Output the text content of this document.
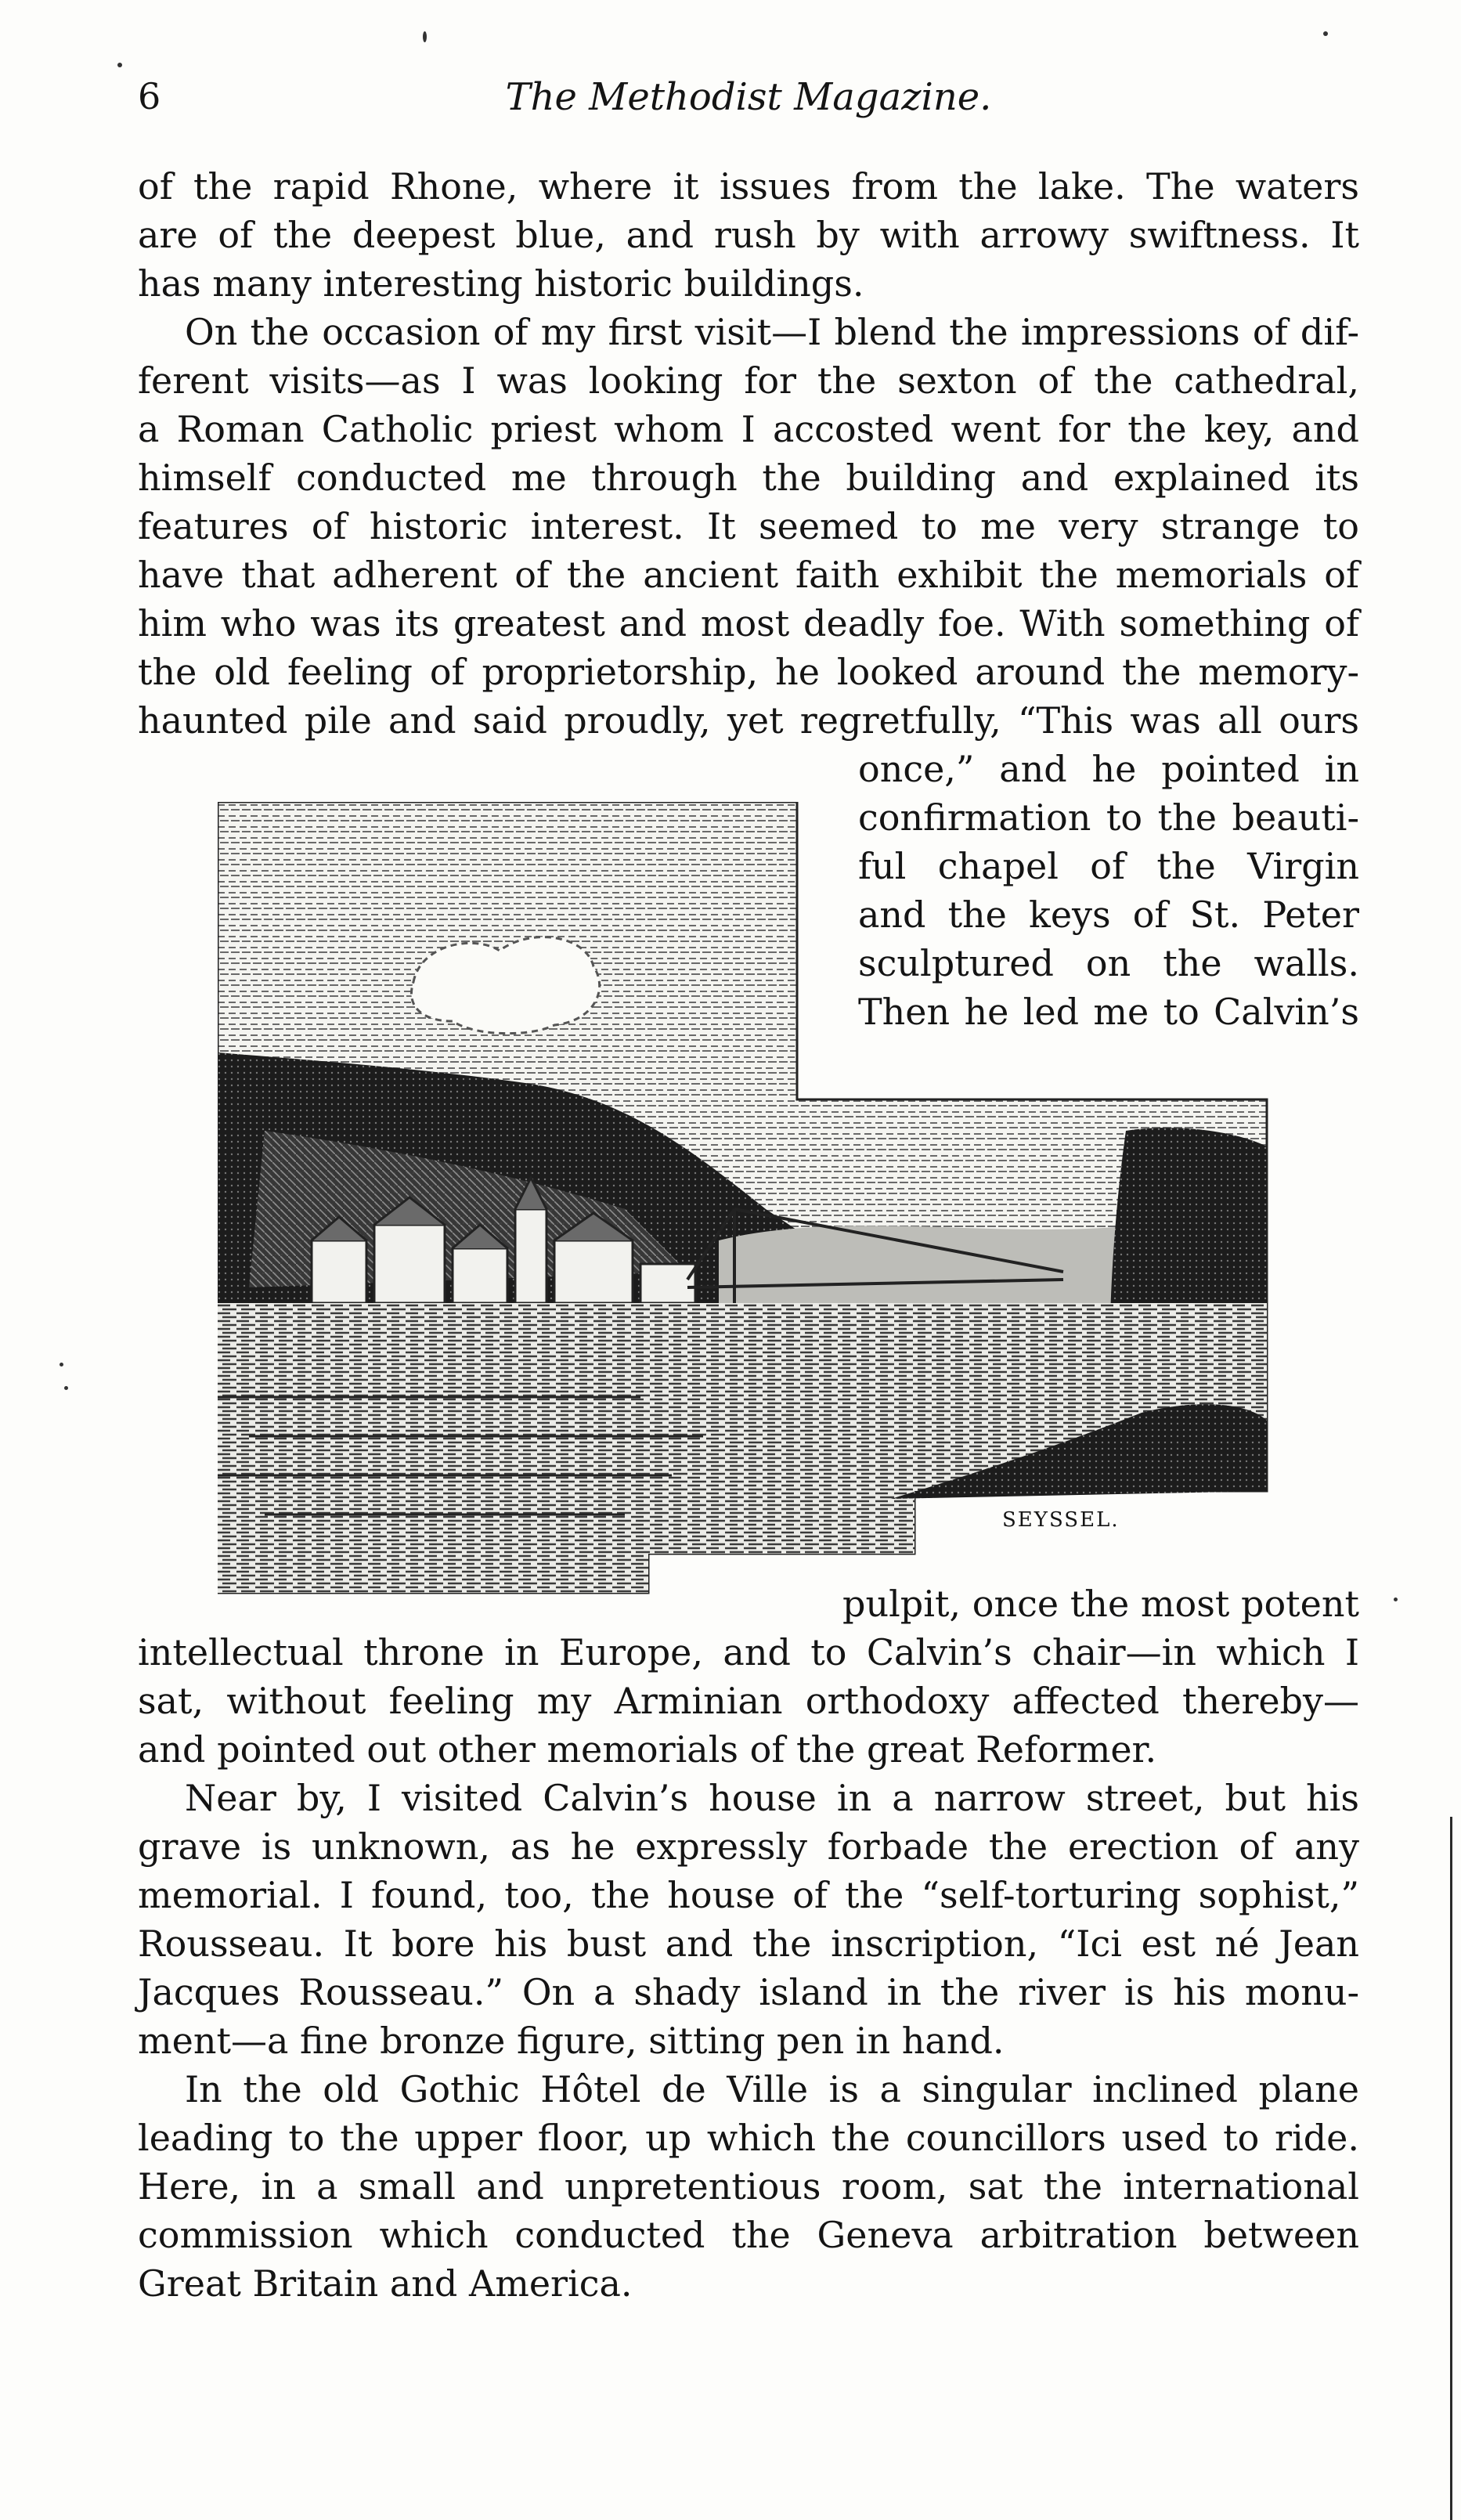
6	The Methodist Magazine.
of the rapid Rhone, where it issues from the lake. The waters
are of the deepest blue, and rush by with arrowy swiftness. It
has many interesting historic buildings.
On the occasion of my first visit—I blend the impressions of dif-
ferent visits—as I was looking for the sexton of the cathedral,
a Roman Catholic priest whom I accosted went for the key, and
himself conducted me through the building and explained its
features of historic interest. It seemed to me very strange to
have that adherent of the ancient faith exhibit the memorials of
him who was its greatest and most deadly foe. With something of
the old feeling of proprietorship, he looked around the memory-
haunted pile and said proudly, yet regretfully, “This was all ours
once,” and he pointed in
confirmation to the beauti-
ful chapel of the Virgin
and the keys of St. Peter
sculptured on the walls.
Then he led me to Calvin’s
SEYSSEL.
pulpit, once the most potent
intellectual throne in Europe, and to Calvin’s chair—in which I
sat, without feeling my Arminian orthodoxy affected thereby—
and pointed out other memorials of the great Reformer.
Near by, I visited Calvin’s house in a narrow street, but his
grave is unknown, as he expressly forbade the erection of any
memorial. I found, too, the house of the “self-torturing sophist,”
Rousseau. It bore his bust and the inscription, “Ici est né Jean
Jacques Rousseau.” On a shady island in the river is his monu-
ment—a fine bronze figure, sitting pen in hand.
In the old Gothic Hôtel de Ville is a singular inclined plane
leading to the upper floor, up which the councillors used to ride.
Here, in a small and unpretentious room, sat the international
commission which conducted the Geneva arbitration between
Great Britain and America.
